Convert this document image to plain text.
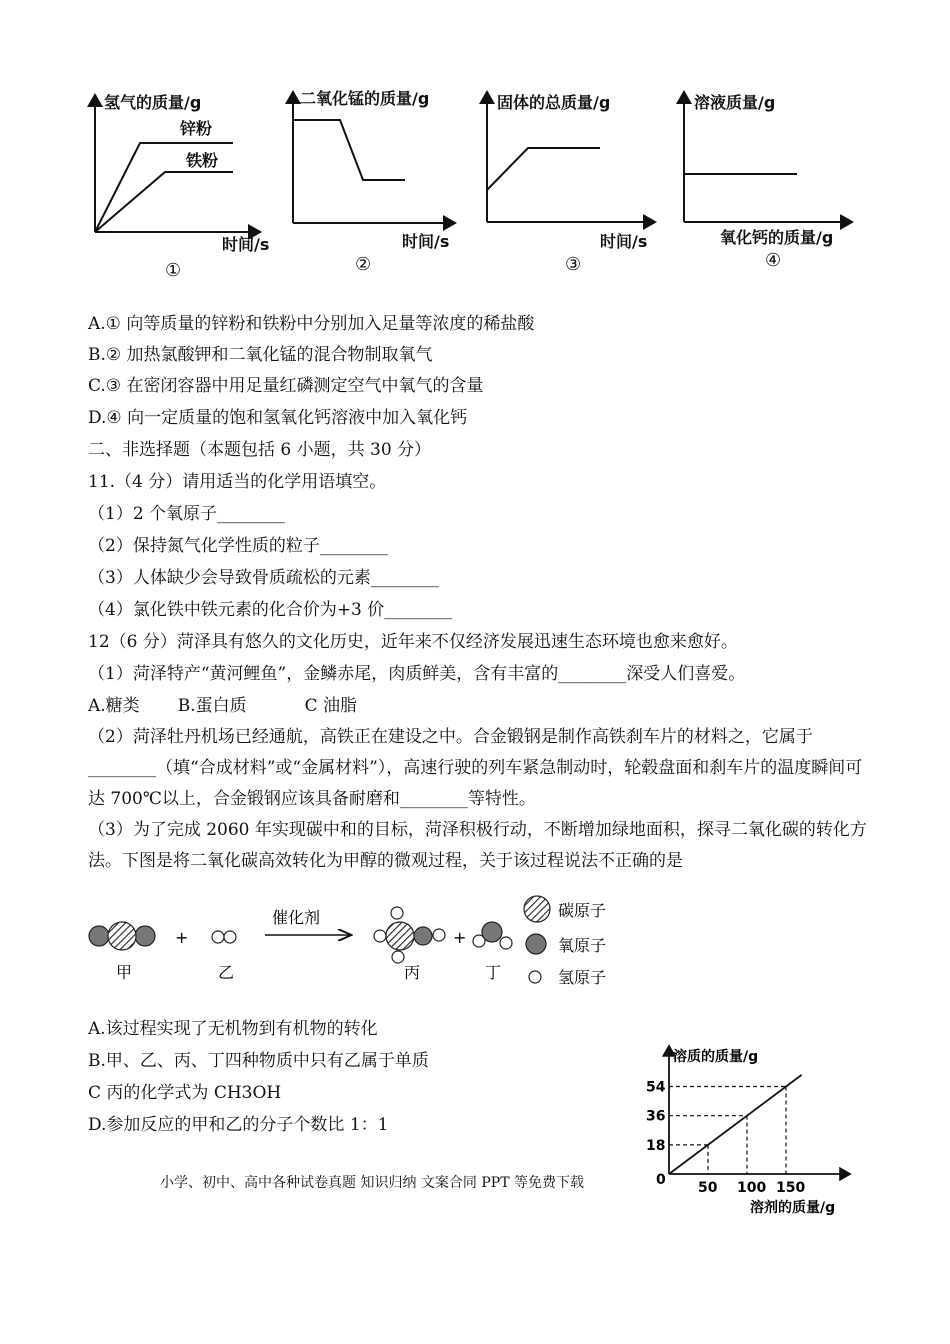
氢气的质量/g
锌粉
铁粉
时间/s
①
二氧化锰的质量/g
时间/s
②
固体的总质量/g
时间/s
③
溶液质量/g
氧化钙的质量/g
④
A.① 向等质量的锌粉和铁粉中分别加入足量等浓度的稀盐酸
B.② 加热氯酸钾和二氧化锰的混合物制取氧气
C.③ 在密闭容器中用足量红磷测定空气中氧气的含量
D.④ 向一定质量的饱和氢氧化钙溶液中加入氧化钙
二、非选择题（本题包括 6 小题，共 30 分）
11.（4 分）请用适当的化学用语填空。
（1）2 个氧原子________
（2）保持氮气化学性质的粒子________
（3）人体缺少会导致骨质疏松的元素________
（4）氯化铁中铁元素的化合价为+3 价________
12（6 分）菏泽具有悠久的文化历史，近年来不仅经济发展迅速生态环境也愈来愈好。
（1）菏泽特产“黄河鲤鱼”，金鳞赤尾，肉质鲜美，含有丰富的________深受人们喜爱。
A.糖类 B.蛋白质	C 油脂
（2）菏泽牡丹机场已经通航，高铁正在建设之中。合金锻钢是制作高铁刹车片的材料之，它属于________（填“合成材料”或“金属材料”），高速行驶的列车紧急制动时，轮毂盘面和刹车片的温度瞬间可达 700℃以上，合金锻钢应该具备耐磨和________等特性。
（3）为了完成 2060 年实现碳中和的目标，菏泽积极行动，不断增加绿地面积，探寻二氧化碳的转化方法。下图是将二氧化碳高效转化为甲醇的微观过程，关于该过程说法不正确的是
+
催化剂
+
甲	乙	丙	丁
碳原子
氧原子
氢原子
A.该过程实现了无机物到有机物的转化
B.甲、乙、丙、丁四种物质中只有乙属于单质
C 丙的化学式为 CH3OH
D.参加反应的甲和乙的分子个数比 1：1
50
18
100
36
150
54
溶质的质量/g
溶剂的质量/g
0
小学、初中、高中各种试卷真题 知识归纳 文案合同 PPT 等免费下载
